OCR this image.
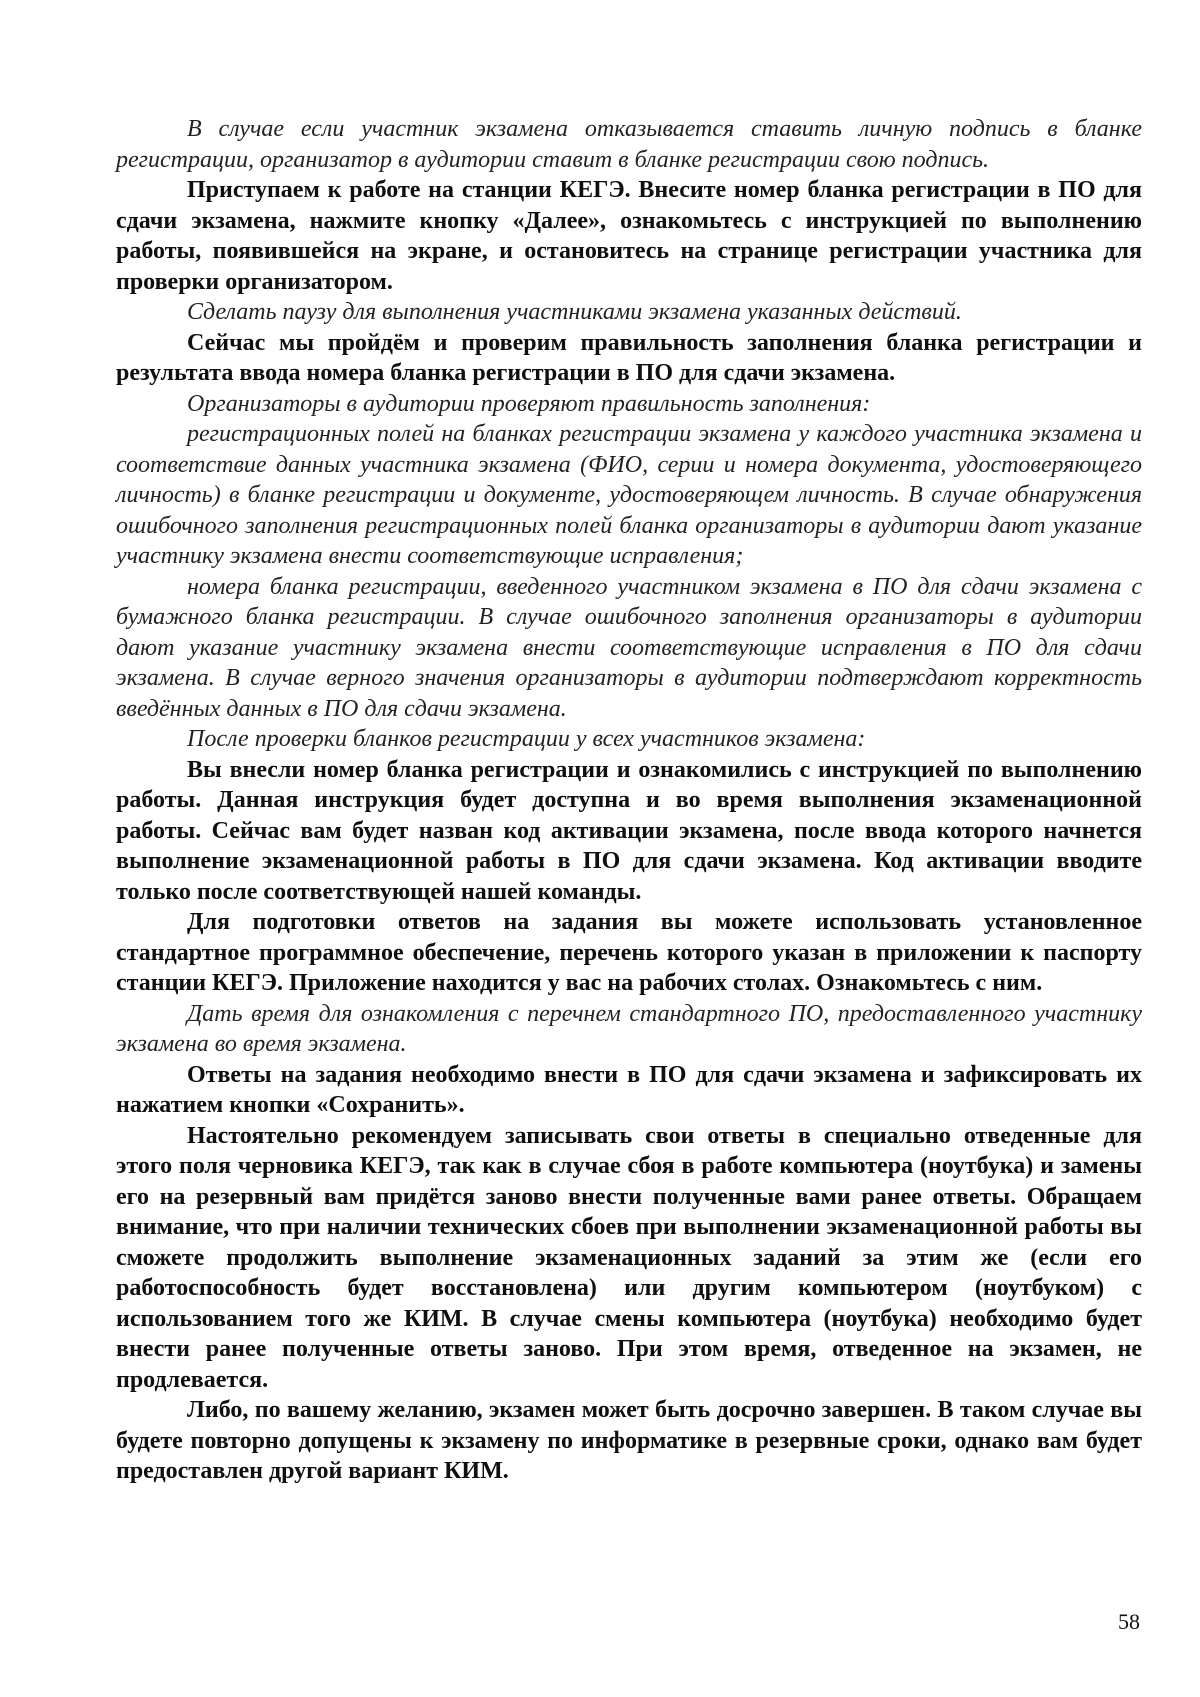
В случае если участник экзамена отказывается ставить личную подпись в бланке регистрации, организатор в аудитории ставит в бланке регистрации свою подпись.

Приступаем к работе на станции КЕГЭ. Внесите номер бланка регистрации в ПО для сдачи экзамена, нажмите кнопку «Далее», ознакомьтесь с инструкцией по выполнению работы, появившейся на экране, и остановитесь на странице регистрации участника для проверки организатором.

Сделать паузу для выполнения участниками экзамена указанных действий.

Сейчас мы пройдём и проверим правильность заполнения бланка регистрации и результата ввода номера бланка регистрации в ПО для сдачи экзамена.

Организаторы в аудитории проверяют правильность заполнения:

регистрационных полей на бланках регистрации экзамена у каждого участника экзамена и соответствие данных участника экзамена (ФИО, серии и номера документа, удостоверяющего личность) в бланке регистрации и документе, удостоверяющем личность. В случае обнаружения ошибочного заполнения регистрационных полей бланка организаторы в аудитории дают указание участнику экзамена внести соответствующие исправления;

номера бланка регистрации, введенного участником экзамена в ПО для сдачи экзамена с бумажного бланка регистрации. В случае ошибочного заполнения организаторы в аудитории дают указание участнику экзамена внести соответствующие исправления в ПО для сдачи экзамена. В случае верного значения организаторы в аудитории подтверждают корректность введённых данных в ПО для сдачи экзамена.

После проверки бланков регистрации у всех участников экзамена:

Вы внесли номер бланка регистрации и ознакомились с инструкцией по выполнению работы. Данная инструкция будет доступна и во время выполнения экзаменационной работы. Сейчас вам будет назван код активации экзамена, после ввода которого начнется выполнение экзаменационной работы в ПО для сдачи экзамена. Код активации вводите только после соответствующей нашей команды.

Для подготовки ответов на задания вы можете использовать установленное стандартное программное обеспечение, перечень которого указан в приложении к паспорту станции КЕГЭ. Приложение находится у вас на рабочих столах. Ознакомьтесь с ним.

Дать время для ознакомления с перечнем стандартного ПО, предоставленного участнику экзамена во время экзамена.

Ответы на задания необходимо внести в ПО для сдачи экзамена и зафиксировать их нажатием кнопки «Сохранить».

Настоятельно рекомендуем записывать свои ответы в специально отведенные для этого поля черновика КЕГЭ, так как в случае сбоя в работе компьютера (ноутбука) и замены его на резервный вам придётся заново внести полученные вами ранее ответы. Обращаем внимание, что при наличии технических сбоев при выполнении экзаменационной работы вы сможете продолжить выполнение экзаменационных заданий за этим же (если его работоспособность будет восстановлена) или другим компьютером (ноутбуком) с использованием того же КИМ. В случае смены компьютера (ноутбука) необходимо будет внести ранее полученные ответы заново. При этом время, отведенное на экзамен, не продлевается.

Либо, по вашему желанию, экзамен может быть досрочно завершен. В таком случае вы будете повторно допущены к экзамену по информатике в резервные сроки, однако вам будет предоставлен другой вариант КИМ.

58
